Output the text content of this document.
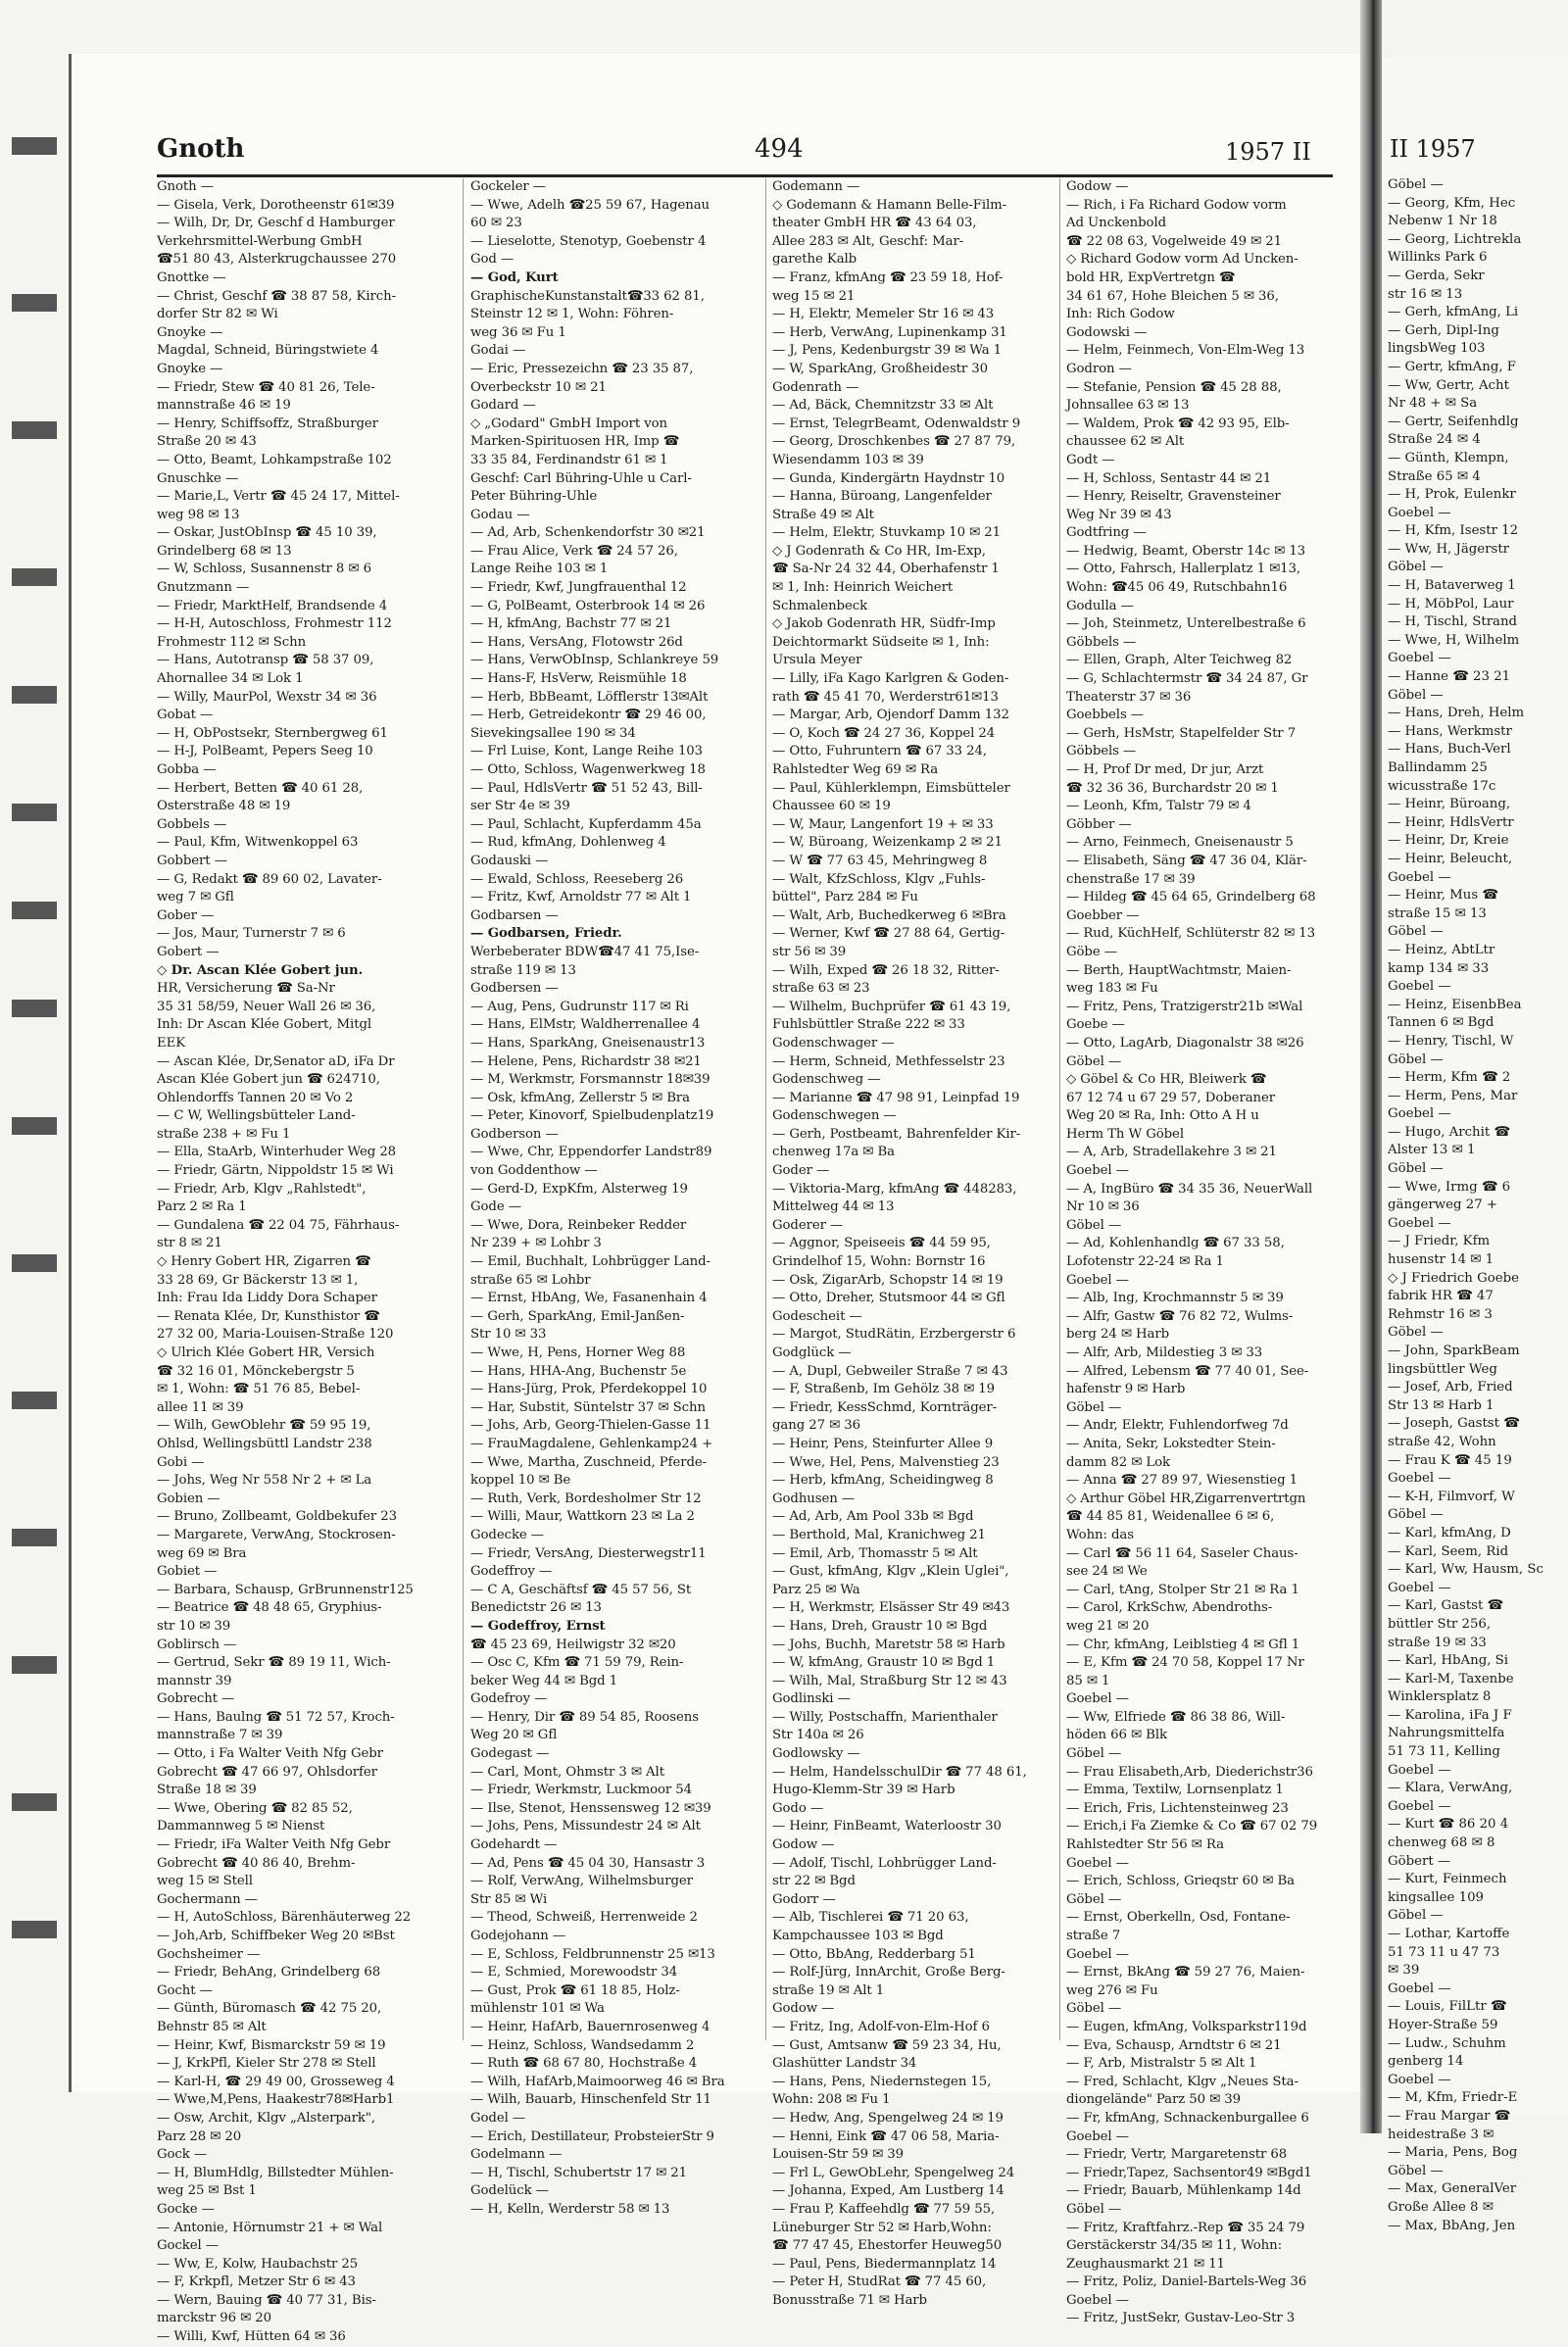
Gnoth	494	1957 II
Gnoth —
— Gisela, Verk, Dorotheenstr 61✉39
— Wilh, Dr, Dr, Geschf d Hamburger
Verkehrsmittel-Werbung GmbH
☎51 80 43, Alsterkrugchaussee 270
Gnottke —
— Christ, Geschf ☎ 38 87 58, Kirch-
dorfer Str 82 ✉ Wi
Gnoyke —
Magdal, Schneid, Büringstwiete 4
Gnoyke —
— Friedr, Stew ☎ 40 81 26, Tele-
mannstraße 46 ✉ 19
— Henry, Schiffsoffz, Straßburger
Straße 20 ✉ 43
— Otto, Beamt, Lohkampstraße 102
Gnuschke —
— Marie,L, Vertr ☎ 45 24 17, Mittel-
weg 98 ✉ 13
— Oskar, JustObInsp ☎ 45 10 39,
Grindelberg 68 ✉ 13
— W, Schloss, Susannenstr 8 ✉ 6
Gnutzmann —
— Friedr, MarktHelf, Brandsende 4
— H-H, Autoschloss, Frohmestr 112
Frohmestr 112 ✉ Schn
— Hans, Autotransp ☎ 58 37 09,
Ahornallee 34 ✉ Lok 1
— Willy, MaurPol, Wexstr 34 ✉ 36
Gobat —
— H, ObPostsekr, Sternbergweg 61
— H-J, PolBeamt, Pepers Seeg 10
Gobba —
— Herbert, Betten ☎ 40 61 28,
Osterstraße 48 ✉ 19
Gobbels —
— Paul, Kfm, Witwenkoppel 63
Gobbert —
— G, Redakt ☎ 89 60 02, Lavater-
weg 7 ✉ Gfl
Gober —
— Jos, Maur, Turnerstr 7 ✉ 6
Gobert —
◇ Dr. Ascan Klée Gobert jun.
HR, Versicherung ☎ Sa-Nr
35 31 58/59, Neuer Wall 26 ✉ 36,
Inh: Dr Ascan Klée Gobert, Mitgl
EEK
— Ascan Klée, Dr,Senator aD, iFa Dr
Ascan Klée Gobert jun ☎ 624710,
Ohlendorffs Tannen 20 ✉ Vo 2
— C W, Wellingsbütteler Land-
straße 238 + ✉ Fu 1
— Ella, StaArb, Winterhuder Weg 28
— Friedr, Gärtn, Nippoldstr 15 ✉ Wi
— Friedr, Arb, Klgv „Rahlstedt",
Parz 2 ✉ Ra 1
— Gundalena ☎ 22 04 75, Fährhaus-
str 8 ✉ 21
◇ Henry Gobert HR, Zigarren ☎
33 28 69, Gr Bäckerstr 13 ✉ 1,
Inh: Frau Ida Liddy Dora Schaper
— Renata Klée, Dr, Kunsthistor ☎
27 32 00, Maria-Louisen-Straße 120
◇ Ulrich Klée Gobert HR, Versich
☎ 32 16 01, Mönckebergstr 5
✉ 1, Wohn: ☎ 51 76 85, Bebel-
allee 11 ✉ 39
— Wilh, GewOblehr ☎ 59 95 19,
Ohlsd, Wellingsbüttl Landstr 238
Gobi —
— Johs, Weg Nr 558 Nr 2 + ✉ La
Gobien —
— Bruno, Zollbeamt, Goldbekufer 23
— Margarete, VerwAng, Stockrosen-
weg 69 ✉ Bra
Gobiet —
— Barbara, Schausp, GrBrunnenstr125
— Beatrice ☎ 48 48 65, Gryphius-
str 10 ✉ 39
Goblirsch —
— Gertrud, Sekr ☎ 89 19 11, Wich-
mannstr 39
Gobrecht —
— Hans, Baulng ☎ 51 72 57, Kroch-
mannstraße 7 ✉ 39
— Otto, i Fa Walter Veith Nfg Gebr
Gobrecht ☎ 47 66 97, Ohlsdorfer
Straße 18 ✉ 39
— Wwe, Obering ☎ 82 85 52,
Dammannweg 5 ✉ Nienst
— Friedr, iFa Walter Veith Nfg Gebr
Gobrecht ☎ 40 86 40, Brehm-
weg 15 ✉ Stell
Gochermann —
— H, AutoSchloss, Bärenhäuterweg 22
— Joh,Arb, Schiffbeker Weg 20 ✉Bst
Gochsheimer —
— Friedr, BehAng, Grindelberg 68
Gocht —
— Günth, Büromasch ☎ 42 75 20,
Behnstr 85 ✉ Alt
— Heinr, Kwf, Bismarckstr 59 ✉ 19
— J, KrkPfl, Kieler Str 278 ✉ Stell
— Karl-H, ☎ 29 49 00, Grosseweg 4
— Wwe,M,Pens, Haakestr78✉Harb1
— Osw, Archit, Klgv „Alsterpark",
Parz 28 ✉ 20
Gock —
— H, BlumHdlg, Billstedter Mühlen-
weg 25 ✉ Bst 1
Gocke —
— Antonie, Hörnumstr 21 + ✉ Wal
Gockel —
— Ww, E, Kolw, Haubachstr 25
— F, Krkpfl, Metzer Str 6 ✉ 43
— Wern, Bauing ☎ 40 77 31, Bis-
marckstr 96 ✉ 20
— Willi, Kwf, Hütten 64 ✉ 36
Gockeler —
— Wwe, Adelh ☎25 59 67, Hagenau
60 ✉ 23
— Lieselotte, Stenotyp, Goebenstr 4
God —
— God, Kurt
GraphischeKunstanstalt☎33 62 81,
Steinstr 12 ✉ 1, Wohn: Föhren-
weg 36 ✉ Fu 1
Godai —
— Eric, Pressezeichn ☎ 23 35 87,
Overbeckstr 10 ✉ 21
Godard —
◇ „Godard" GmbH Import von
Marken-Spirituosen HR, Imp ☎
33 35 84, Ferdinandstr 61 ✉ 1
Geschf: Carl Bühring-Uhle u Carl-
Peter Bühring-Uhle
Godau —
— Ad, Arb, Schenkendorfstr 30 ✉21
— Frau Alice, Verk ☎ 24 57 26,
Lange Reihe 103 ✉ 1
— Friedr, Kwf, Jungfrauenthal 12
— G, PolBeamt, Osterbrook 14 ✉ 26
— H, kfmAng, Bachstr 77 ✉ 21
— Hans, VersAng, Flotowstr 26d
— Hans, VerwObInsp, Schlankreye 59
— Hans-F, HsVerw, Reismühle 18
— Herb, BbBeamt, Löfflerstr 13✉Alt
— Herb, Getreidekontr ☎ 29 46 00,
Sievekingsallee 190 ✉ 34
— Frl Luise, Kont, Lange Reihe 103
— Otto, Schloss, Wagenwerkweg 18
— Paul, HdlsVertr ☎ 51 52 43, Bill-
ser Str 4e ✉ 39
— Paul, Schlacht, Kupferdamm 45a
— Rud, kfmAng, Dohlenweg 4
Godauski —
— Ewald, Schloss, Reeseberg 26
— Fritz, Kwf, Arnoldstr 77 ✉ Alt 1
Godbarsen —
— Godbarsen, Friedr.
Werbeberater BDW☎47 41 75,Ise-
straße 119 ✉ 13
Godbersen —
— Aug, Pens, Gudrunstr 117 ✉ Ri
— Hans, ElMstr, Waldherrenallee 4
— Hans, SparkAng, Gneisenaustr13
— Helene, Pens, Richardstr 38 ✉21
— M, Werkmstr, Forsmannstr 18✉39
— Osk, kfmAng, Zellerstr 5 ✉ Bra
— Peter, Kinovorf, Spielbudenplatz19
Godberson —
— Wwe, Chr, Eppendorfer Landstr89
von Goddenthow —
— Gerd-D, ExpKfm, Alsterweg 19
Gode —
— Wwe, Dora, Reinbeker Redder
Nr 239 + ✉ Lohbr 3
— Emil, Buchhalt, Lohbrügger Land-
straße 65 ✉ Lohbr
— Ernst, HbAng, We, Fasanenhain 4
— Gerh, SparkAng, Emil-Janßen-
Str 10 ✉ 33
— Wwe, H, Pens, Horner Weg 88
— Hans, HHA-Ang, Buchenstr 5e
— Hans-Jürg, Prok, Pferdekoppel 10
— Har, Substit, Süntelstr 37 ✉ Schn
— Johs, Arb, Georg-Thielen-Gasse 11
— FrauMagdalene, Gehlenkamp24 +
— Wwe, Martha, Zuschneid, Pferde-
koppel 10 ✉ Be
— Ruth, Verk, Bordesholmer Str 12
— Willi, Maur, Wattkorn 23 ✉ La 2
Godecke —
— Friedr, VersAng, Diesterwegstr11
Godeffroy —
— C A, Geschäftsf ☎ 45 57 56, St
Benedictstr 26 ✉ 13
— Godeffroy, Ernst
☎ 45 23 69, Heilwigstr 32 ✉20
— Osc C, Kfm ☎ 71 59 79, Rein-
beker Weg 44 ✉ Bgd 1
Godefroy —
— Henry, Dir ☎ 89 54 85, Roosens
Weg 20 ✉ Gfl
Godegast —
— Carl, Mont, Ohmstr 3 ✉ Alt
— Friedr, Werkmstr, Luckmoor 54
— Ilse, Stenot, Henssensweg 12 ✉39
— Johs, Pens, Missundestr 24 ✉ Alt
Godehardt —
— Ad, Pens ☎ 45 04 30, Hansastr 3
— Rolf, VerwAng, Wilhelmsburger
Str 85 ✉ Wi
— Theod, Schweiß, Herrenweide 2
Godejohann —
— E, Schloss, Feldbrunnenstr 25 ✉13
— E, Schmied, Morewoodstr 34
— Gust, Prok ☎ 61 18 85, Holz-
mühlenstr 101 ✉ Wa
— Heinr, HafArb, Bauernrosenweg 4
— Heinz, Schloss, Wandsedamm 2
— Ruth ☎ 68 67 80, Hochstraße 4
— Wilh, HafArb,Maimoorweg 46 ✉ Bra
— Wilh, Bauarb, Hinschenfeld Str 11
Godel —
— Erich, Destillateur, ProbsteierStr 9
Godelmann —
— H, Tischl, Schubertstr 17 ✉ 21
Godelück —
— H, Kelln, Werderstr 58 ✉ 13
Godemann —
◇ Godemann & Hamann Belle-Film-
theater GmbH HR ☎ 43 64 03,
Allee 283 ✉ Alt, Geschf: Mar-
garethe Kalb
— Franz, kfmAng ☎ 23 59 18, Hof-
weg 15 ✉ 21
— H, Elektr, Memeler Str 16 ✉ 43
— Herb, VerwAng, Lupinenkamp 31
— J, Pens, Kedenburgstr 39 ✉ Wa 1
— W, SparkAng, Großheidestr 30
Godenrath —
— Ad, Bäck, Chemnitzstr 33 ✉ Alt
— Ernst, TelegrBeamt, Odenwaldstr 9
— Georg, Droschkenbes ☎ 27 87 79,
Wiesendamm 103 ✉ 39
— Gunda, Kindergärtn Haydnstr 10
— Hanna, Büroang, Langenfelder
Straße 49 ✉ Alt
— Helm, Elektr, Stuvkamp 10 ✉ 21
◇ J Godenrath & Co HR, Im-Exp,
☎ Sa-Nr 24 32 44, Oberhafenstr 1
✉ 1, Inh: Heinrich Weichert
Schmalenbeck
◇ Jakob Godenrath HR, Südfr-Imp
Deichtormarkt Südseite ✉ 1, Inh:
Ursula Meyer
— Lilly, iFa Kago Karlgren & Goden-
rath ☎ 45 41 70, Werderstr61✉13
— Margar, Arb, Ojendorf Damm 132
— O, Koch ☎ 24 27 36, Koppel 24
— Otto, Fuhruntern ☎ 67 33 24,
Rahlstedter Weg 69 ✉ Ra
— Paul, Kühlerklempn, Eimsbütteler
Chaussee 60 ✉ 19
— W, Maur, Langenfort 19 + ✉ 33
— W, Büroang, Weizenkamp 2 ✉ 21
— W ☎ 77 63 45, Mehringweg 8
— Walt, KfzSchloss, Klgv „Fuhls-
büttel", Parz 284 ✉ Fu
— Walt, Arb, Buchedkerweg 6 ✉Bra
— Werner, Kwf ☎ 27 88 64, Gertig-
str 56 ✉ 39
— Wilh, Exped ☎ 26 18 32, Ritter-
straße 63 ✉ 23
— Wilhelm, Buchprüfer ☎ 61 43 19,
Fuhlsbüttler Straße 222 ✉ 33
Godenschwager —
— Herm, Schneid, Methfesselstr 23
Godenschweg —
— Marianne ☎ 47 98 91, Leinpfad 19
Godenschwegen —
— Gerh, Postbeamt, Bahrenfelder Kir-
chenweg 17a ✉ Ba
Goder —
— Viktoria-Marg, kfmAng ☎ 448283,
Mittelweg 44 ✉ 13
Goderer —
— Aggnor, Speiseeis ☎ 44 59 95,
Grindelhof 15, Wohn: Bornstr 16
— Osk, ZigarArb, Schopstr 14 ✉ 19
— Otto, Dreher, Stutsmoor 44 ✉ Gfl
Godescheit —
— Margot, StudRätin, Erzbergerstr 6
Godglück —
— A, Dupl, Gebweiler Straße 7 ✉ 43
— F, Straßenb, Im Gehölz 38 ✉ 19
— Friedr, KessSchmd, Kornträger-
gang 27 ✉ 36
— Heinr, Pens, Steinfurter Allee 9
— Wwe, Hel, Pens, Malvenstieg 23
— Herb, kfmAng, Scheidingweg 8
Godhusen —
— Ad, Arb, Am Pool 33b ✉ Bgd
— Berthold, Mal, Kranichweg 21
— Emil, Arb, Thomasstr 5 ✉ Alt
— Gust, kfmAng, Klgv „Klein Uglei",
Parz 25 ✉ Wa
— H, Werkmstr, Elsässer Str 49 ✉43
— Hans, Dreh, Graustr 10 ✉ Bgd
— Johs, Buchh, Maretstr 58 ✉ Harb
— W, kfmAng, Graustr 10 ✉ Bgd 1
— Wilh, Mal, Straßburg Str 12 ✉ 43
Godlinski —
— Willy, Postschaffn, Marienthaler
Str 140a ✉ 26
Godlowsky —
— Helm, HandelsschulDir ☎ 77 48 61,
Hugo-Klemm-Str 39 ✉ Harb
Godo —
— Heinr, FinBeamt, Waterloostr 30
Godow —
— Adolf, Tischl, Lohbrügger Land-
str 22 ✉ Bgd
Godorr —
— Alb, Tischlerei ☎ 71 20 63,
Kampchaussee 103 ✉ Bgd
— Otto, BbAng, Redderbarg 51
— Rolf-Jürg, InnArchit, Große Berg-
straße 19 ✉ Alt 1
Godow —
— Fritz, Ing, Adolf-von-Elm-Hof 6
— Gust, Amtsanw ☎ 59 23 34, Hu,
Glashütter Landstr 34
— Hans, Pens, Niedernstegen 15,
Wohn: 208 ✉ Fu 1
— Hedw, Ang, Spengelweg 24 ✉ 19
— Henni, Eink ☎ 47 06 58, Maria-
Louisen-Str 59 ✉ 39
— Frl L, GewObLehr, Spengelweg 24
— Johanna, Exped, Am Lustberg 14
— Frau P, Kaffeehdlg ☎ 77 59 55,
Lüneburger Str 52 ✉ Harb,Wohn:
☎ 77 47 45, Ehestorfer Heuweg50
— Paul, Pens, Biedermannplatz 14
— Peter H, StudRat ☎ 77 45 60,
Bonusstraße 71 ✉ Harb
Godow —
— Rich, i Fa Richard Godow vorm
Ad Unckenbold
☎ 22 08 63, Vogelweide 49 ✉ 21
◇ Richard Godow vorm Ad Uncken-
bold HR, ExpVertretgn ☎
34 61 67, Hohe Bleichen 5 ✉ 36,
Inh: Rich Godow
Godowski —
— Helm, Feinmech, Von-Elm-Weg 13
Godron —
— Stefanie, Pension ☎ 45 28 88,
Johnsallee 63 ✉ 13
— Waldem, Prok ☎ 42 93 95, Elb-
chaussee 62 ✉ Alt
Godt —
— H, Schloss, Sentastr 44 ✉ 21
— Henry, Reiseltr, Gravensteiner
Weg Nr 39 ✉ 43
Godtfring —
— Hedwig, Beamt, Oberstr 14c ✉ 13
— Otto, Fahrsch, Hallerplatz 1 ✉13,
Wohn: ☎45 06 49, Rutschbahn16
Godulla —
— Joh, Steinmetz, Unterelbestraße 6
Göbbels —
— Ellen, Graph, Alter Teichweg 82
— G, Schlachtermstr ☎ 34 24 87, Gr
Theaterstr 37 ✉ 36
Goebbels —
— Gerh, HsMstr, Stapelfelder Str 7
Göbbels —
— H, Prof Dr med, Dr jur, Arzt
☎ 32 36 36, Burchardstr 20 ✉ 1
— Leonh, Kfm, Talstr 79 ✉ 4
Göbber —
— Arno, Feinmech, Gneisenaustr 5
— Elisabeth, Säng ☎ 47 36 04, Klär-
chenstraße 17 ✉ 39
— Hildeg ☎ 45 64 65, Grindelberg 68
Goebber —
— Rud, KüchHelf, Schlüterstr 82 ✉ 13
Göbe —
— Berth, HauptWachtmstr, Maien-
weg 183 ✉ Fu
— Fritz, Pens, Tratzigerstr21b ✉Wal
Goebe —
— Otto, LagArb, Diagonalstr 38 ✉26
Göbel —
◇ Göbel & Co HR, Bleiwerk ☎
67 12 74 u 67 29 57, Doberaner
Weg 20 ✉ Ra, Inh: Otto A H u
Herm Th W Göbel
— A, Arb, Stradellakehre 3 ✉ 21
Goebel —
— A, IngBüro ☎ 34 35 36, NeuerWall
Nr 10 ✉ 36
Göbel —
— Ad, Kohlenhandlg ☎ 67 33 58,
Lofotenstr 22-24 ✉ Ra 1
Goebel —
— Alb, Ing, Krochmannstr 5 ✉ 39
— Alfr, Gastw ☎ 76 82 72, Wulms-
berg 24 ✉ Harb
— Alfr, Arb, Mildestieg 3 ✉ 33
— Alfred, Lebensm ☎ 77 40 01, See-
hafenstr 9 ✉ Harb
Göbel —
— Andr, Elektr, Fuhlendorfweg 7d
— Anita, Sekr, Lokstedter Stein-
damm 82 ✉ Lok
— Anna ☎ 27 89 97, Wiesenstieg 1
◇ Arthur Göbel HR,Zigarrenvertrtgn
☎ 44 85 81, Weidenallee 6 ✉ 6,
Wohn: das
— Carl ☎ 56 11 64, Saseler Chaus-
see 24 ✉ We
— Carl, tAng, Stolper Str 21 ✉ Ra 1
— Carol, KrkSchw, Abendroths-
weg 21 ✉ 20
— Chr, kfmAng, Leiblstieg 4 ✉ Gfl 1
— E, Kfm ☎ 24 70 58, Koppel 17 Nr
85 ✉ 1
Goebel —
— Ww, Elfriede ☎ 86 38 86, Will-
höden 66 ✉ Blk
Göbel —
— Frau Elisabeth,Arb, Diederichstr36
— Emma, Textilw, Lornsenplatz 1
— Erich, Fris, Lichtensteinweg 23
— Erich,i Fa Ziemke & Co ☎ 67 02 79
Rahlstedter Str 56 ✉ Ra
Goebel —
— Erich, Schloss, Grieqstr 60 ✉ Ba
Göbel —
— Ernst, Oberkelln, Osd, Fontane-
straße 7
Goebel —
— Ernst, BkAng ☎ 59 27 76, Maien-
weg 276 ✉ Fu
Göbel —
— Eugen, kfmAng, Volksparkstr119d
— Eva, Schausp, Arndtstr 6 ✉ 21
— F, Arb, Mistralstr 5 ✉ Alt 1
— Fred, Schlacht, Klgv „Neues Sta-
diongelände" Parz 50 ✉ 39
— Fr, kfmAng, Schnackenburgallee 6
Goebel —
— Friedr, Vertr, Margaretenstr 68
— Friedr,Tapez, Sachsentor49 ✉Bgd1
— Friedr, Bauarb, Mühlenkamp 14d
Göbel —
— Fritz, Kraftfahrz.-Rep ☎ 35 24 79
Gerstäckerstr 34/35 ✉ 11, Wohn:
Zeughausmarkt 21 ✉ 11
— Fritz, Poliz, Daniel-Bartels-Weg 36
Goebel —
— Fritz, JustSekr, Gustav-Leo-Str 3
II 1957
Göbel —
— Georg, Kfm, Hec
Nebenw 1 Nr 18
— Georg, Lichtrekla
Willinks Park 6
— Gerda, Sekr
str 16 ✉ 13
— Gerh, kfmAng, Li
— Gerh, Dipl-Ing
lingsbWeg 103
— Gertr, kfmAng, F
— Ww, Gertr, Acht
Nr 48 + ✉ Sa
— Gertr, Seifenhdlg
Straße 24 ✉ 4
— Günth, Klempn,
Straße 65 ✉ 4
— H, Prok, Eulenkr
Goebel —
— H, Kfm, Isestr 12
— Ww, H, Jägerstr
Göbel —
— H, Bataverweg 1
— H, MöbPol, Laur
— H, Tischl, Strand
— Wwe, H, Wilhelm
Goebel —
— Hanne ☎ 23 21
Göbel —
— Hans, Dreh, Helm
— Hans, Werkmstr
— Hans, Buch-Verl
Ballindamm 25
wicusstraße 17c
— Heinr, Büroang,
— Heinr, HdlsVertr
— Heinr, Dr, Kreie
— Heinr, Beleucht,
Goebel —
— Heinr, Mus ☎
straße 15 ✉ 13
Göbel —
— Heinz, AbtLtr
kamp 134 ✉ 33
Goebel —
— Heinz, EisenbBea
Tannen 6 ✉ Bgd
— Henry, Tischl, W
Göbel —
— Herm, Kfm ☎ 2
— Herm, Pens, Mar
Goebel —
— Hugo, Archit ☎
Alster 13 ✉ 1
Göbel —
— Wwe, Irmg ☎ 6
gängerweg 27 +
Goebel —
— J Friedr, Kfm
husenstr 14 ✉ 1
◇ J Friedrich Goebe
fabrik HR ☎ 47
Rehmstr 16 ✉ 3
Göbel —
— John, SparkBeam
lingsbüttler Weg
— Josef, Arb, Fried
Str 13 ✉ Harb 1
— Joseph, Gastst ☎
straße 42, Wohn
— Frau K ☎ 45 19
Goebel —
— K-H, Filmvorf, W
Göbel —
— Karl, kfmAng, D
— Karl, Seem, Rid
— Karl, Ww, Hausm, Sc
Goebel —
— Karl, Gastst ☎
büttler Str 256,
straße 19 ✉ 33
— Karl, HbAng, Si
— Karl-M, Taxenbe
Winklersplatz 8
— Karolina, iFa J F
Nahrungsmittelfa
51 73 11, Kelling
Goebel —
— Klara, VerwAng,
Goebel —
— Kurt ☎ 86 20 4
chenweg 68 ✉ 8
Göbert —
— Kurt, Feinmech
kingsallee 109
Göbel —
— Lothar, Kartoffe
51 73 11 u 47 73
✉ 39
Goebel —
— Louis, FilLtr ☎
Hoyer-Straße 59
— Ludw., Schuhm
genberg 14
Goebel —
— M, Kfm, Friedr-E
— Frau Margar ☎
heidestraße 3 ✉
— Maria, Pens, Bog
Göbel —
— Max, GeneralVer
Große Allee 8 ✉
— Max, BbAng, Jen
